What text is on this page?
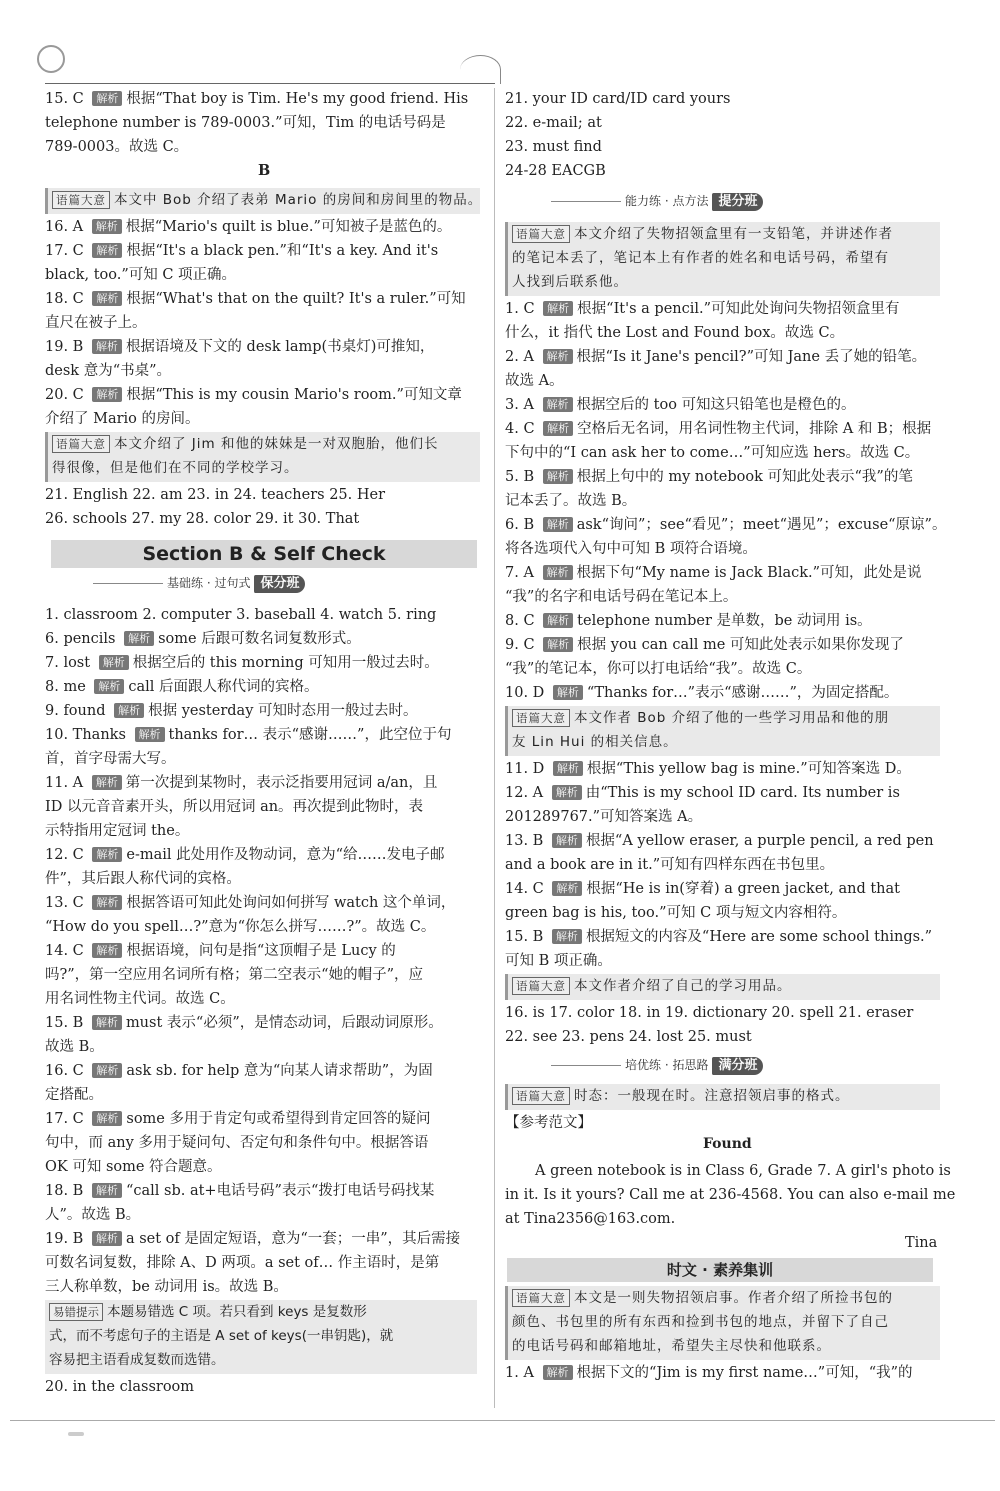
15. C 解析 根据“That boy is Tim. He's my good friend. His
telephone number is 789-0003.”可知，Tim 的电话号码是
789-0003。故选 C。
B
语篇大意 本文中 Bob 介绍了表弟 Mario 的房间和房间里的物品。
16. A 解析 根据“Mario's quilt is blue.”可知被子是蓝色的。
17. C 解析 根据“It's a black pen.”和“It's a key. And it's
black, too.”可知 C 项正确。
18. C 解析 根据“What's that on the quilt? It's a ruler.”可知
直尺在被子上。
19. B 解析 根据语境及下文的 desk lamp(书桌灯)可推知，
desk 意为“书桌”。
20. C 解析 根据“This is my cousin Mario's room.”可知文章
介绍了 Mario 的房间。
语篇大意 本文介绍了 Jim 和他的妹妹是一对双胞胎，他们长
得很像，但是他们在不同的学校学习。
21. English 22. am 23. in 24. teachers 25. Her
26. schools 27. my 28. color 29. it 30. That
Section B & Self Check
基础练 · 过句式 保分班
1. classroom 2. computer 3. baseball 4. watch 5. ring
6. pencils 解析 some 后跟可数名词复数形式。
7. lost 解析 根据空后的 this morning 可知用一般过去时。
8. me 解析 call 后面跟人称代词的宾格。
9. found 解析 根据 yesterday 可知时态用一般过去时。
10. Thanks 解析 thanks for… 表示“感谢……”，此空位于句
首，首字母需大写。
11. A 解析 第一次提到某物时，表示泛指要用冠词 a/an，且
ID 以元音音素开头，所以用冠词 an。再次提到此物时，表
示特指用定冠词 the。
12. C 解析 e-mail 此处用作及物动词，意为“给……发电子邮
件”，其后跟人称代词的宾格。
13. C 解析 根据答语可知此处询问如何拼写 watch 这个单词，
“How do you spell…?”意为“你怎么拼写……?”。故选 C。
14. C 解析 根据语境，问句是指“这顶帽子是 Lucy 的
吗?”，第一空应用名词所有格；第二空表示“她的帽子”，应
用名词性物主代词。故选 C。
15. B 解析 must 表示“必须”，是情态动词，后跟动词原形。
故选 B。
16. C 解析 ask sb. for help 意为“向某人请求帮助”，为固
定搭配。
17. C 解析 some 多用于肯定句或希望得到肯定回答的疑问
句中，而 any 多用于疑问句、否定句和条件句中。根据答语
OK 可知 some 符合题意。
18. B 解析 “call sb. at+电话号码”表示“拨打电话号码找某
人”。故选 B。
19. B 解析 a set of 是固定短语，意为“一套；一串”，其后需接
可数名词复数，排除 A、D 两项。a set of… 作主语时，是第
三人称单数，be 动词用 is。故选 B。
易错提示 本题易错选 C 项。若只看到 keys 是复数形
式，而不考虑句子的主语是 A set of keys(一串钥匙)，就
容易把主语看成复数而选错。
20. in the classroom
21. your ID card/ID card yours
22. e-mail; at
23. must find
24-28 EACGB
能力练 · 点方法 提分班
语篇大意 本文介绍了失物招领盒里有一支铅笔，并讲述作者
的笔记本丢了，笔记本上有作者的姓名和电话号码，希望有
人找到后联系他。
1. C 解析 根据“It's a pencil.”可知此处询问失物招领盒里有
什么，it 指代 the Lost and Found box。故选 C。
2. A 解析 根据“Is it Jane's pencil?”可知 Jane 丢了她的铅笔。
故选 A。
3. A 解析 根据空后的 too 可知这只铅笔也是橙色的。
4. C 解析 空格后无名词，用名词性物主代词，排除 A 和 B；根据
下句中的“I can ask her to come…”可知应选 hers。故选 C。
5. B 解析 根据上句中的 my notebook 可知此处表示“我”的笔
记本丢了。故选 B。
6. B 解析 ask“询问”；see“看见”；meet“遇见”；excuse“原谅”。
将各选项代入句中可知 B 项符合语境。
7. A 解析 根据下句“My name is Jack Black.”可知，此处是说
“我”的名字和电话号码在笔记本上。
8. C 解析 telephone number 是单数，be 动词用 is。
9. C 解析 根据 you can call me 可知此处表示如果你发现了
“我”的笔记本，你可以打电话给“我”。故选 C。
10. D 解析 “Thanks for…”表示“感谢……”，为固定搭配。
语篇大意 本文作者 Bob 介绍了他的一些学习用品和他的朋
友 Lin Hui 的相关信息。
11. D 解析 根据“This yellow bag is mine.”可知答案选 D。
12. A 解析 由“This is my school ID card. Its number is
201289767.”可知答案选 A。
13. B 解析 根据“A yellow eraser, a purple pencil, a red pen
and a book are in it.”可知有四样东西在书包里。
14. C 解析 根据“He is in(穿着) a green jacket, and that
green bag is his, too.”可知 C 项与短文内容相符。
15. B 解析 根据短文的内容及“Here are some school things.”
可知 B 项正确。
语篇大意 本文作者介绍了自己的学习用品。
16. is 17. color 18. in 19. dictionary 20. spell 21. eraser
22. see 23. pens 24. lost 25. must
培优练 · 拓思路 满分班
语篇大意 时态：一般现在时。注意招领启事的格式。
【参考范文】
Found
A green notebook is in Class 6, Grade 7. A girl's photo is
in it. Is it yours? Call me at 236-4568. You can also e-mail me
at Tina2356@163.com.
Tina
时文 · 素养集训
语篇大意 本文是一则失物招领启事。作者介绍了所捡书包的
颜色、书包里的所有东西和捡到书包的地点，并留下了自己
的电话号码和邮箱地址，希望失主尽快和他联系。
1. A 解析 根据下文的“Jim is my first name…”可知，“我”的
